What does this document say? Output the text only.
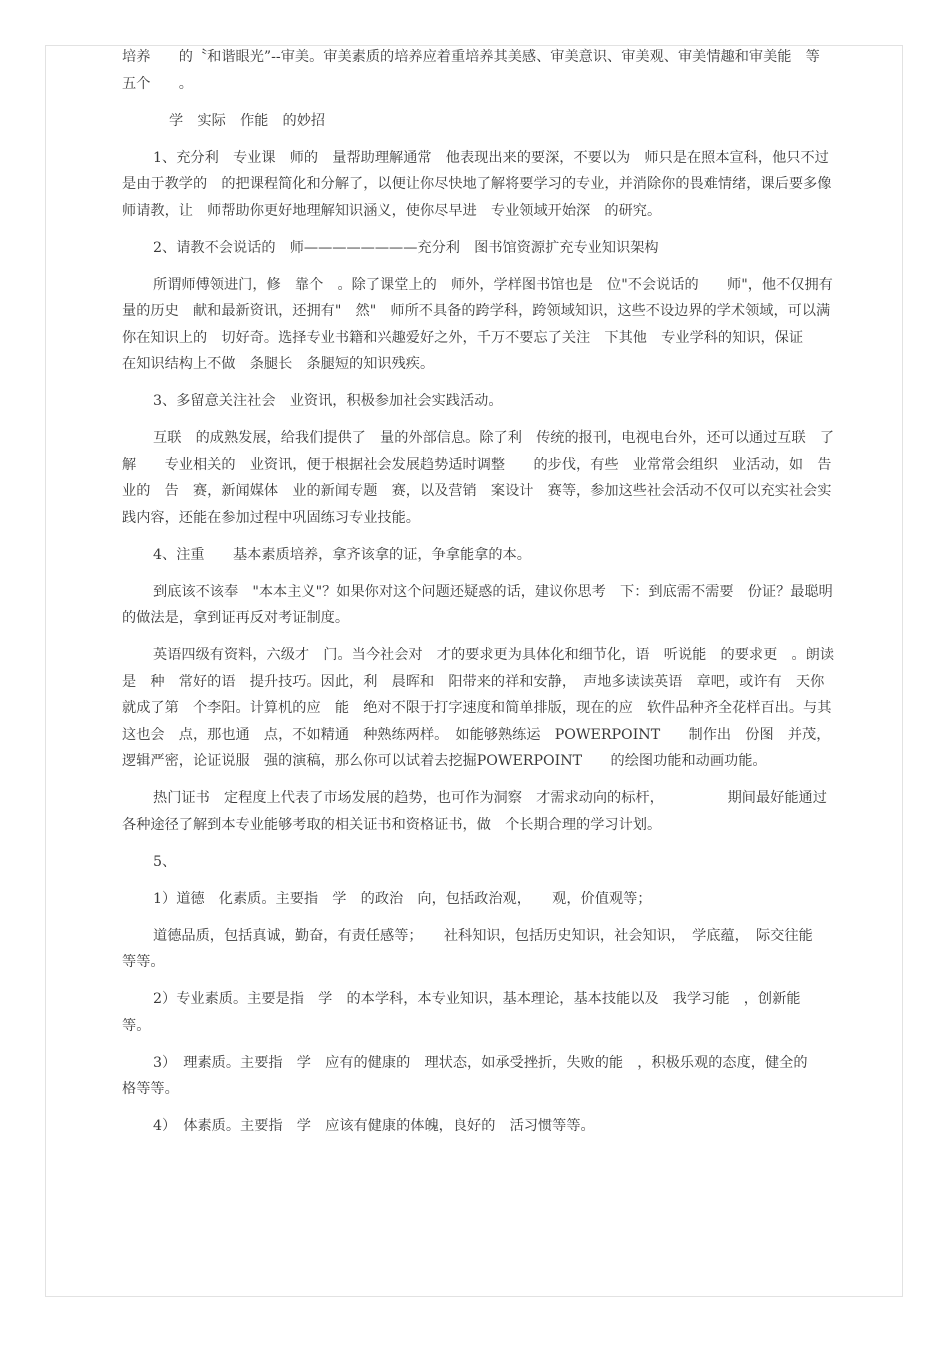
培养　　的〝和谐眼光”--审美。审美素质的培养应着重培养其美感、审美意识、审美观、审美情趣和审美能　等五个　　。

学　实际　作能　的妙招

1、充分利　专业课　师的　量帮助理解通常　他表现出来的要深，不要以为　师只是在照本宣科，他只不过是由于教学的　的把课程简化和分解了，以便让你尽快地了解将要学习的专业，并消除你的畏难情绪，课后要多像　师请教，让　师帮助你更好地理解知识涵义，使你尽早进　专业领域开始深　的研究。

2、请教不会说话的　师————————充分利　图书馆资源扩充专业知识架构

所谓师傅领进门，修　靠个　。除了课堂上的　师外，学样图书馆也是　位"不会说话的　　师"，他不仅拥有　量的历史　献和最新资讯，还拥有"　然"　师所不具备的跨学科，跨领域知识，这些不设边界的学术领域，可以满　你在知识上的　切好奇。选择专业书籍和兴趣爱好之外，千万不要忘了关注　下其他　专业学科的知识，保证　　在知识结构上不做　条腿长　条腿短的知识残疾。

3、多留意关注社会　业资讯，积极参加社会实践活动。

互联　的成熟发展，给我们提供了　量的外部信息。除了利　传统的报刊，电视电台外，还可以通过互联　了解　　专业相关的　业资讯，便于根据社会发展趋势适时调整　　的步伐，有些　业常常会组织　业活动，如　告　业的　告　赛，新闻媒体　业的新闻专题　赛，以及营销　案设计　赛等，参加这些社会活动不仅可以充实社会实践内容，还能在参加过程中巩固练习专业技能。

4、注重　　基本素质培养，拿齐该拿的证，争拿能拿的本。

到底该不该奉　"本本主义"？如果你对这个问题还疑惑的话，建议你思考　下：到底需不需要　份证？最聪明的做法是，拿到证再反对考证制度。

英语四级有资料，六级才　门。当今社会对　才的要求更为具体化和细节化，语　听说能　的要求更　。朗读是　种　常好的语　提升技巧。因此，利　晨晖和　阳带来的祥和安静，　声地多读读英语　章吧，或许有　天你就成了第　个李阳。计算机的应　能　绝对不限于打字速度和简单排版，现在的应　软件品种齐全花样百出。与其这也会　点，那也通　点，不如精通　种熟练两样。　如能够熟练运　POWERPOINT　　制作出　份图　并茂，逻辑严密，论证说服　强的演稿，那么你可以试着去挖掘POWERPOINT　　的绘图功能和动画功能。

热门证书　定程度上代表了市场发展的趋势，也可作为洞察　才需求动向的标杆，　　　　　期间最好能通过各种途径了解到本专业能够考取的相关证书和资格证书，做　个长期合理的学习计划。

5、

1）道德　化素质。主要指　学　的政治　向，包括政治观，　　观，价值观等；

道德品质，包括真诚，勤奋，有责任感等；　　社科知识，包括历史知识，社会知识，　学底蕴，　际交往能　等等。

2）专业素质。主要是指　学　的本学科，本专业知识，基本理论，基本技能以及　我学习能　，创新能　等。

3）　理素质。主要指　学　应有的健康的　理状态，如承受挫折，失败的能　，积极乐观的态度，健全的　格等等。

4）　体素质。主要指　学　应该有健康的体魄，良好的　活习惯等等。
